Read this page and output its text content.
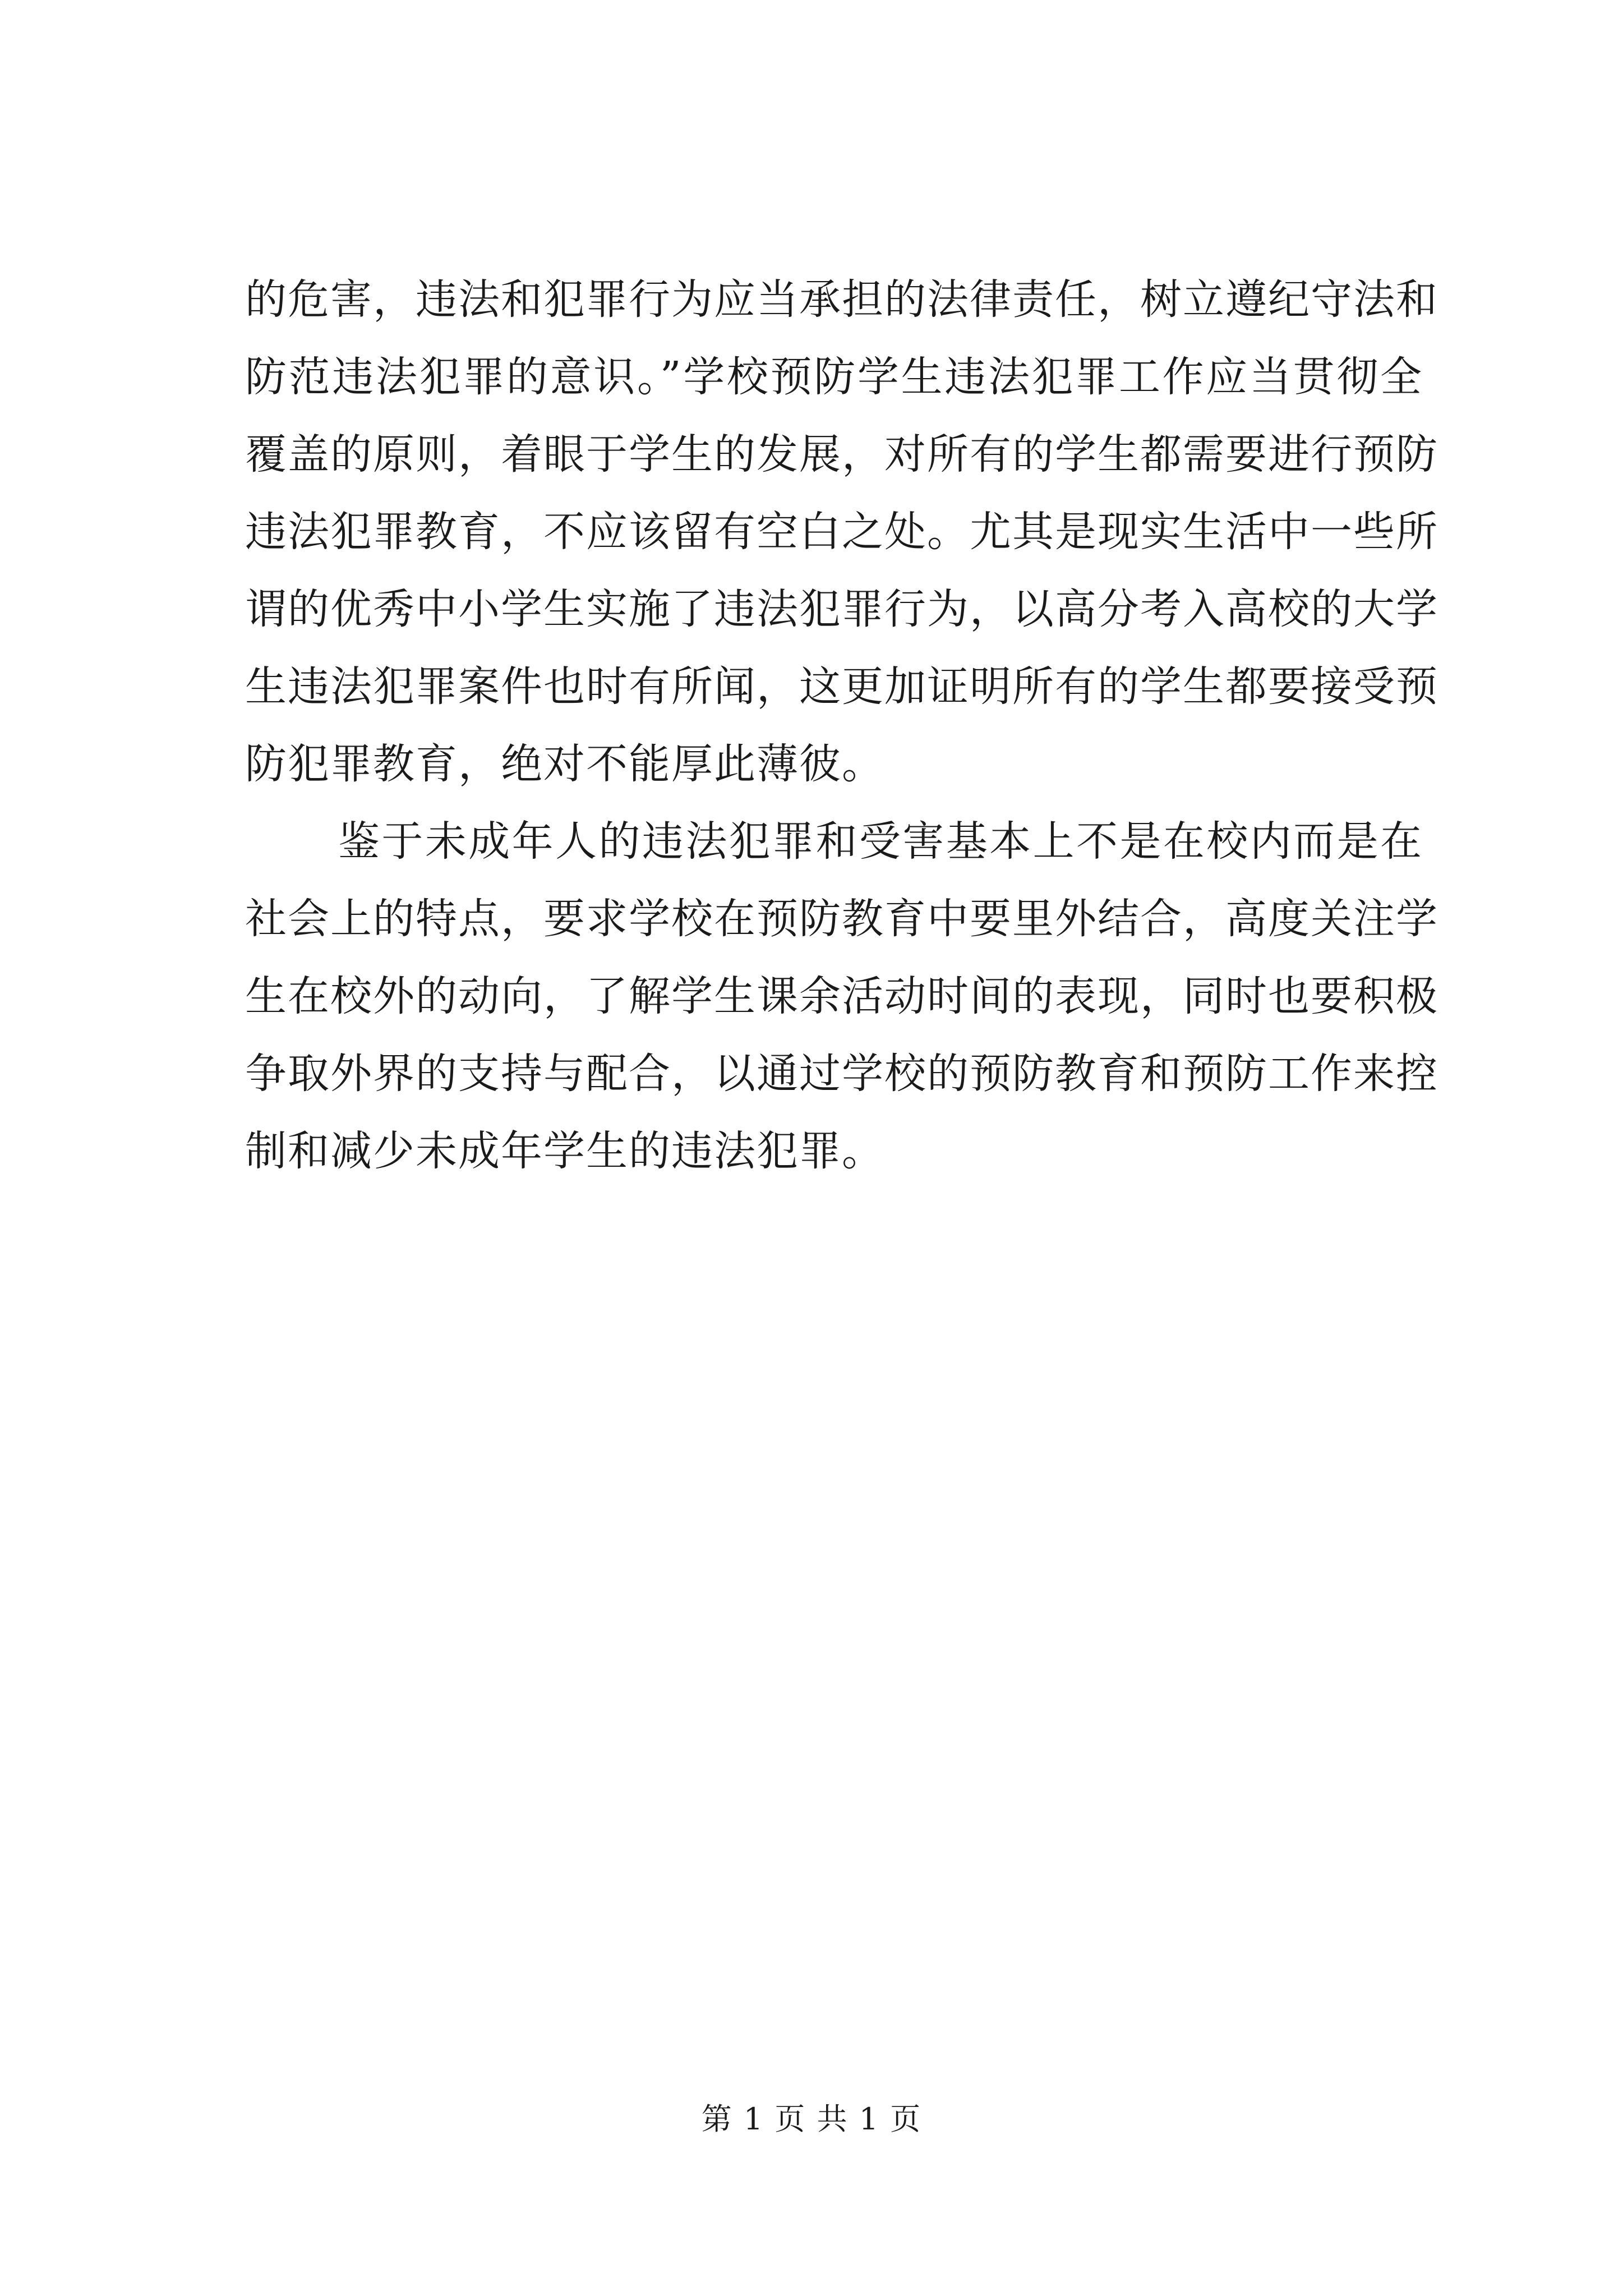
的危害，违法和犯罪行为应当承担的法律责任，树立遵纪守法和
防范违法犯罪的意识。”学校预防学生违法犯罪工作应当贯彻全
覆盖的原则，着眼于学生的发展，对所有的学生都需要进行预防
违法犯罪教育，不应该留有空白之处。尤其是现实生活中一些所
谓的优秀中小学生实施了违法犯罪行为，以高分考入高校的大学
生违法犯罪案件也时有所闻，这更加证明所有的学生都要接受预
防犯罪教育，绝对不能厚此薄彼。
鉴于未成年人的违法犯罪和受害基本上不是在校内而是在
社会上的特点，要求学校在预防教育中要里外结合，高度关注学
生在校外的动向，了解学生课余活动时间的表现，同时也要积极
争取外界的支持与配合，以通过学校的预防教育和预防工作来控
制和减少未成年学生的违法犯罪。
第 1 页 共 1 页
